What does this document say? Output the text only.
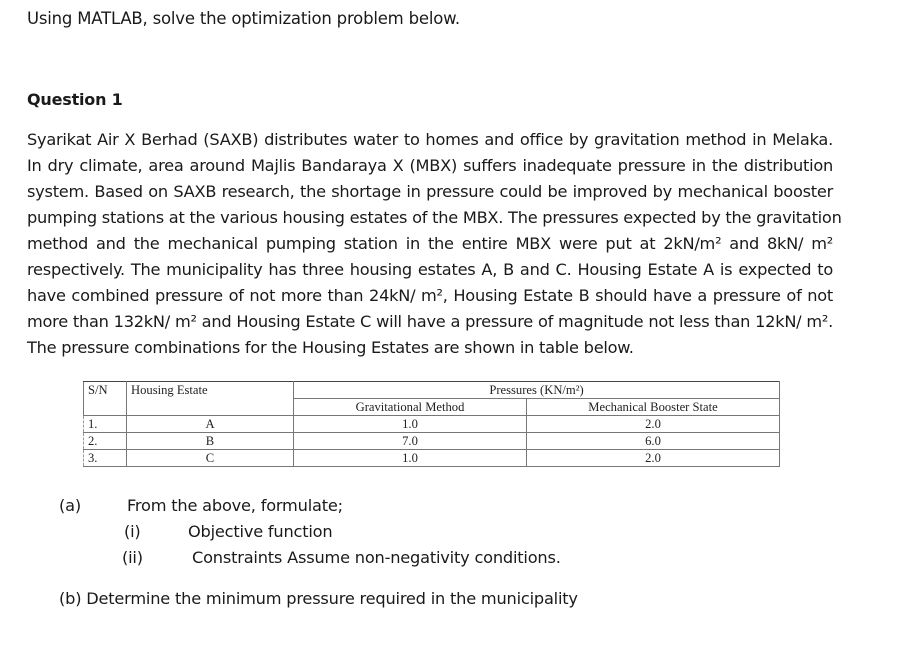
Using MATLAB, solve the optimization problem below.
Question 1
Syarikat Air X Berhad (SAXB) distributes water to homes and office by gravitation method in Melaka.
In dry climate, area around Majlis Bandaraya X (MBX) suffers inadequate pressure in the distribution
system. Based on SAXB research, the shortage in pressure could be improved by mechanical booster
pumping stations at the various housing estates of the MBX. The pressures expected by the gravitation
method and the mechanical pumping station in the entire MBX were put at 2kN/m² and 8kN/ m²
respectively. The municipality has three housing estates A, B and C. Housing Estate A is expected to
have combined pressure of not more than 24kN/ m², Housing Estate B should have a pressure of not
more than 132kN/ m² and Housing Estate C will have a pressure of magnitude not less than 12kN/ m².
The pressure combinations for the Housing Estates are shown in table below.
S/N	Housing Estate	Pressures (KN/m²)	
		Gravitational Method	Mechanical Booster State
1.	A	1.0	2.0
2.	B	7.0	6.0
3.	C	1.0	2.0
(a)	From the above, formulate;
(i)	Objective function
(ii)	Constraints Assume non-negativity conditions.
(b) Determine the minimum pressure required in the municipality
